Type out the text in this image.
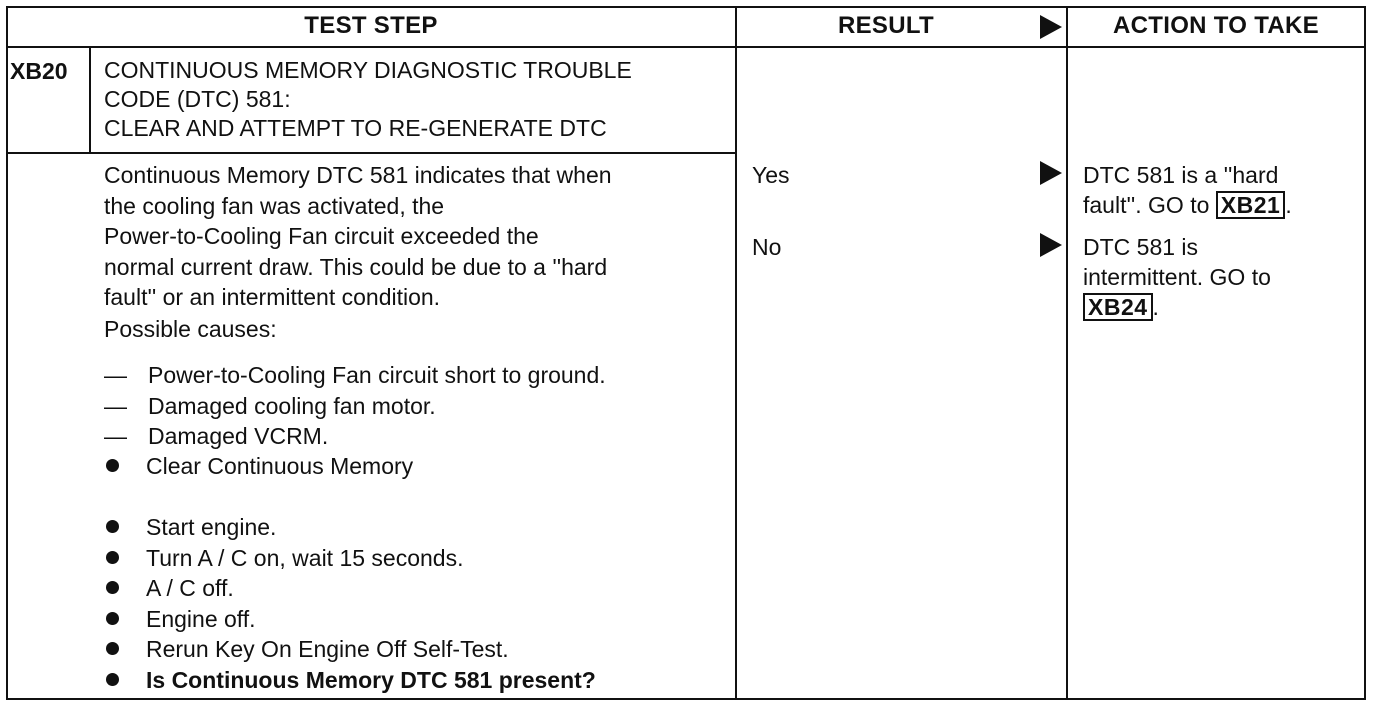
TEST STEP	RESULT	ACTION TO TAKE
XB20 CONTINUOUS MEMORY DIAGNOSTIC TROUBLE
CODE (DTC) 581:
CLEAR AND ATTEMPT TO RE-GENERATE DTC
Continuous Memory DTC 581 indicates that when
the cooling fan was activated, the
Power-to-Cooling Fan circuit exceeded the
normal current draw. This could be due to a ''hard
fault'' or an intermittent condition.
Possible causes:
— Power-to-Cooling Fan circuit short to ground.
— Damaged cooling fan motor.
— Damaged VCRM.
Clear Continuous Memory
Start engine.
Turn A / C on, wait 15 seconds.
A / C off.
Engine off.
Rerun Key On Engine Off Self-Test.
Is Continuous Memory DTC 581 present?
Yes
No
DTC 581 is a ''hard
fault''. GO to XB21 .
DTC 581 is
intermittent. GO to
XB24 .
